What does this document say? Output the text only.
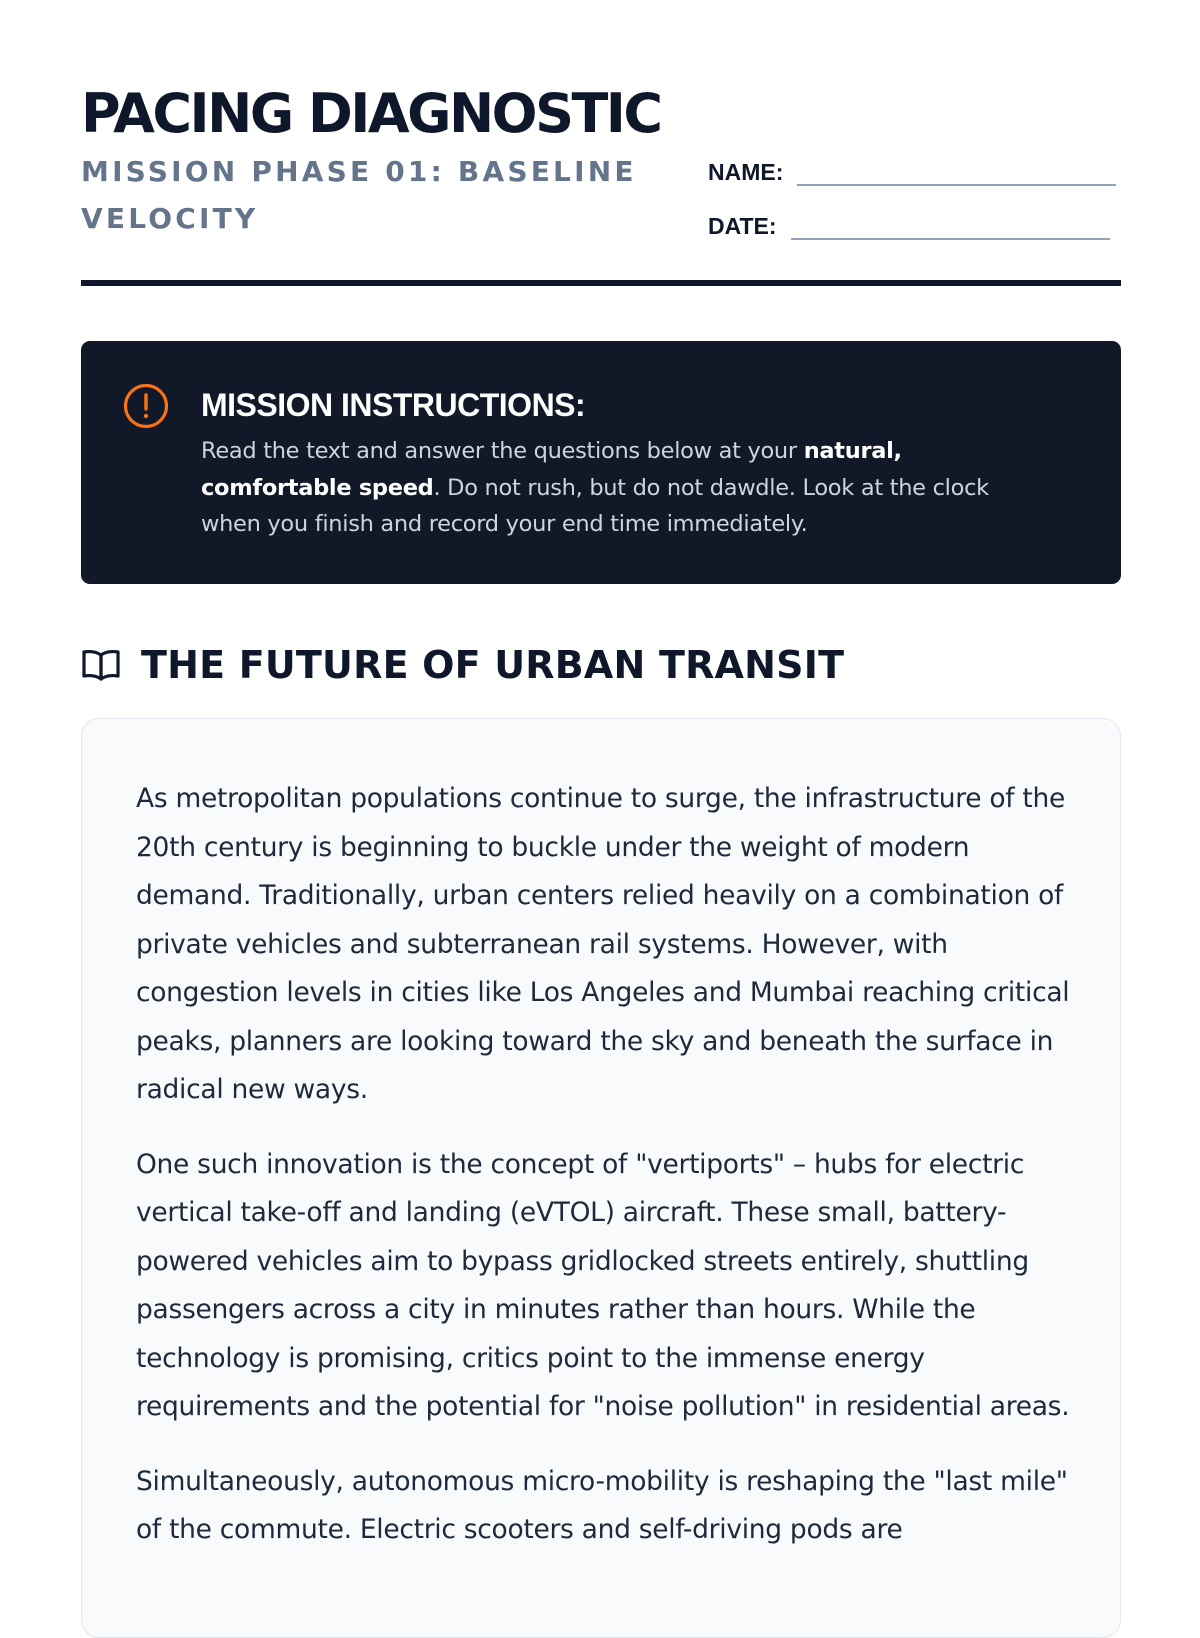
PACING DIAGNOSTIC
MISSION PHASE 01: BASELINE VELOCITY
NAME:
DATE:
MISSION INSTRUCTIONS:

Read the text and answer the questions below at your natural, comfortable speed. Do not rush, but do not dawdle. Look at the clock when you finish and record your end time immediately.

THE FUTURE OF URBAN TRANSIT

As metropolitan populations continue to surge, the infrastructure of the 20th century is beginning to buckle under the weight of modern demand. Traditionally, urban centers relied heavily on a combination of private vehicles and subterranean rail systems. However, with congestion levels in cities like Los Angeles and Mumbai reaching critical peaks, planners are looking toward the sky and beneath the surface in radical new ways.

One such innovation is the concept of "vertiports" – hubs for electric vertical take-off and landing (eVTOL) aircraft. These small, battery-powered vehicles aim to bypass gridlocked streets entirely, shuttling passengers across a city in minutes rather than hours. While the technology is promising, critics point to the immense energy requirements and the potential for "noise pollution" in residential areas.

Simultaneously, autonomous micro-mobility is reshaping the "last mile" of the commute. Electric scooters and self-driving pods are
